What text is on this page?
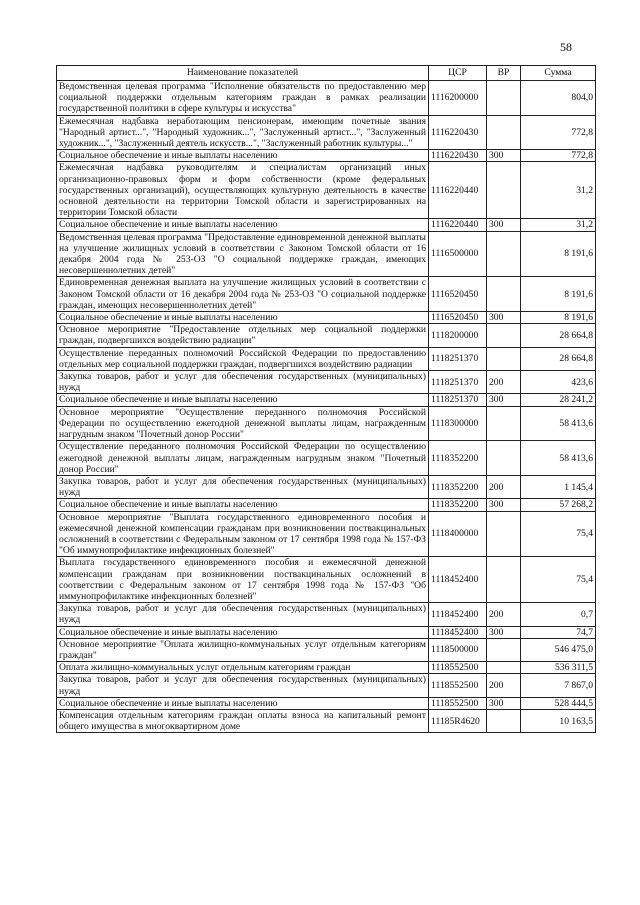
58
Наименование показателей	ЦСР	ВР	Сумма
Ведомственная целевая программа "Исполнение обязательств по предоставлению мер социальной поддержки отдельным категориям граждан в рамках реализации государственной политики в сфере культуры и искусства"	1116200000		804,0
Ежемесячная надбавка неработающим пенсионерам, имеющим почетные звания "Народный артист...", "Народный художник...", "Заслуженный артист...", "Заслуженный художник...", "Заслуженный деятель искусств...", "Заслуженный работник культуры..."	1116220430		772,8
Социальное обеспечение и иные выплаты населению	1116220430	300	772,8
Ежемесячная надбавка руководителям и специалистам организаций иных организационно-правовых форм и форм собственности (кроме федеральных государственных организаций), осуществляющих культурную деятельность в качестве основной деятельности на территории Томской области и зарегистрированных на территории Томской области	1116220440		31,2
Социальное обеспечение и иные выплаты населению	1116220440	300	31,2
Ведомственная целевая программа "Предоставление единовременной денежной выплаты на улучшение жилищных условий в соответствии с Законом Томской области от 16 декабря 2004 года № 253-ОЗ "О социальной поддержке граждан, имеющих несовершеннолетних детей"	1116500000		8 191,6
Единовременная денежная выплата на улучшение жилищных условий в соответствии с Законом Томской области от 16 декабря 2004 года № 253-ОЗ "О социальной поддержке граждан, имеющих несовершеннолетних детей"	1116520450		8 191,6
Социальное обеспечение и иные выплаты населению	1116520450	300	8 191,6
Основное мероприятие "Предоставление отдельных мер социальной поддержки граждан, подвергшихся воздействию радиации"	1118200000		28 664,8
Осуществление переданных полномочий Российской Федерации по предоставлению отдельных мер социальной поддержки граждан, подвергшихся воздействию радиации	1118251370		28 664,8
Закупка товаров, работ и услуг для обеспечения государственных (муниципальных) нужд	1118251370	200	423,6
Социальное обеспечение и иные выплаты населению	1118251370	300	28 241,2
Основное мероприятие "Осуществление переданного полномочия Российской Федерации по осуществлению ежегодной денежной выплаты лицам, награжденным нагрудным знаком "Почетный донор России"	1118300000		58 413,6
Осуществление переданного полномочия Российской Федерации по осуществлению ежегодной денежной выплаты лицам, награжденным нагрудным знаком "Почетный донор России"	1118352200		58 413,6
Закупка товаров, работ и услуг для обеспечения государственных (муниципальных) нужд	1118352200	200	1 145,4
Социальное обеспечение и иные выплаты населению	1118352200	300	57 268,2
Основное мероприятие "Выплата государственного единовременного пособия и ежемесячной денежной компенсации гражданам при возникновении поствакцинальных осложнений в соответствии с Федеральным законом от 17 сентября 1998 года № 157-ФЗ "Об иммунопрофилактике инфекционных болезней"	1118400000		75,4
Выплата государственного единовременного пособия и ежемесячной денежной компенсации гражданам при возникновении поствакцинальных осложнений в соответствии с Федеральным законом от 17 сентября 1998 года № 157-ФЗ "Об иммунопрофилактике инфекционных болезней"	1118452400		75,4
Закупка товаров, работ и услуг для обеспечения государственных (муниципальных) нужд	1118452400	200	0,7
Социальное обеспечение и иные выплаты населению	1118452400	300	74,7
Основное мероприятие "Оплата жилищно-коммунальных услуг отдельным категориям граждан"	1118500000		546 475,0
Оплата жилищно-коммунальных услуг отдельным категориям граждан	1118552500		536 311,5
Закупка товаров, работ и услуг для обеспечения государственных (муниципальных) нужд	1118552500	200	7 867,0
Социальное обеспечение и иные выплаты населению	1118552500	300	528 444,5
Компенсация отдельным категориям граждан оплаты взноса на капитальный ремонт общего имущества в многоквартирном доме	11185R4620		10 163,5
